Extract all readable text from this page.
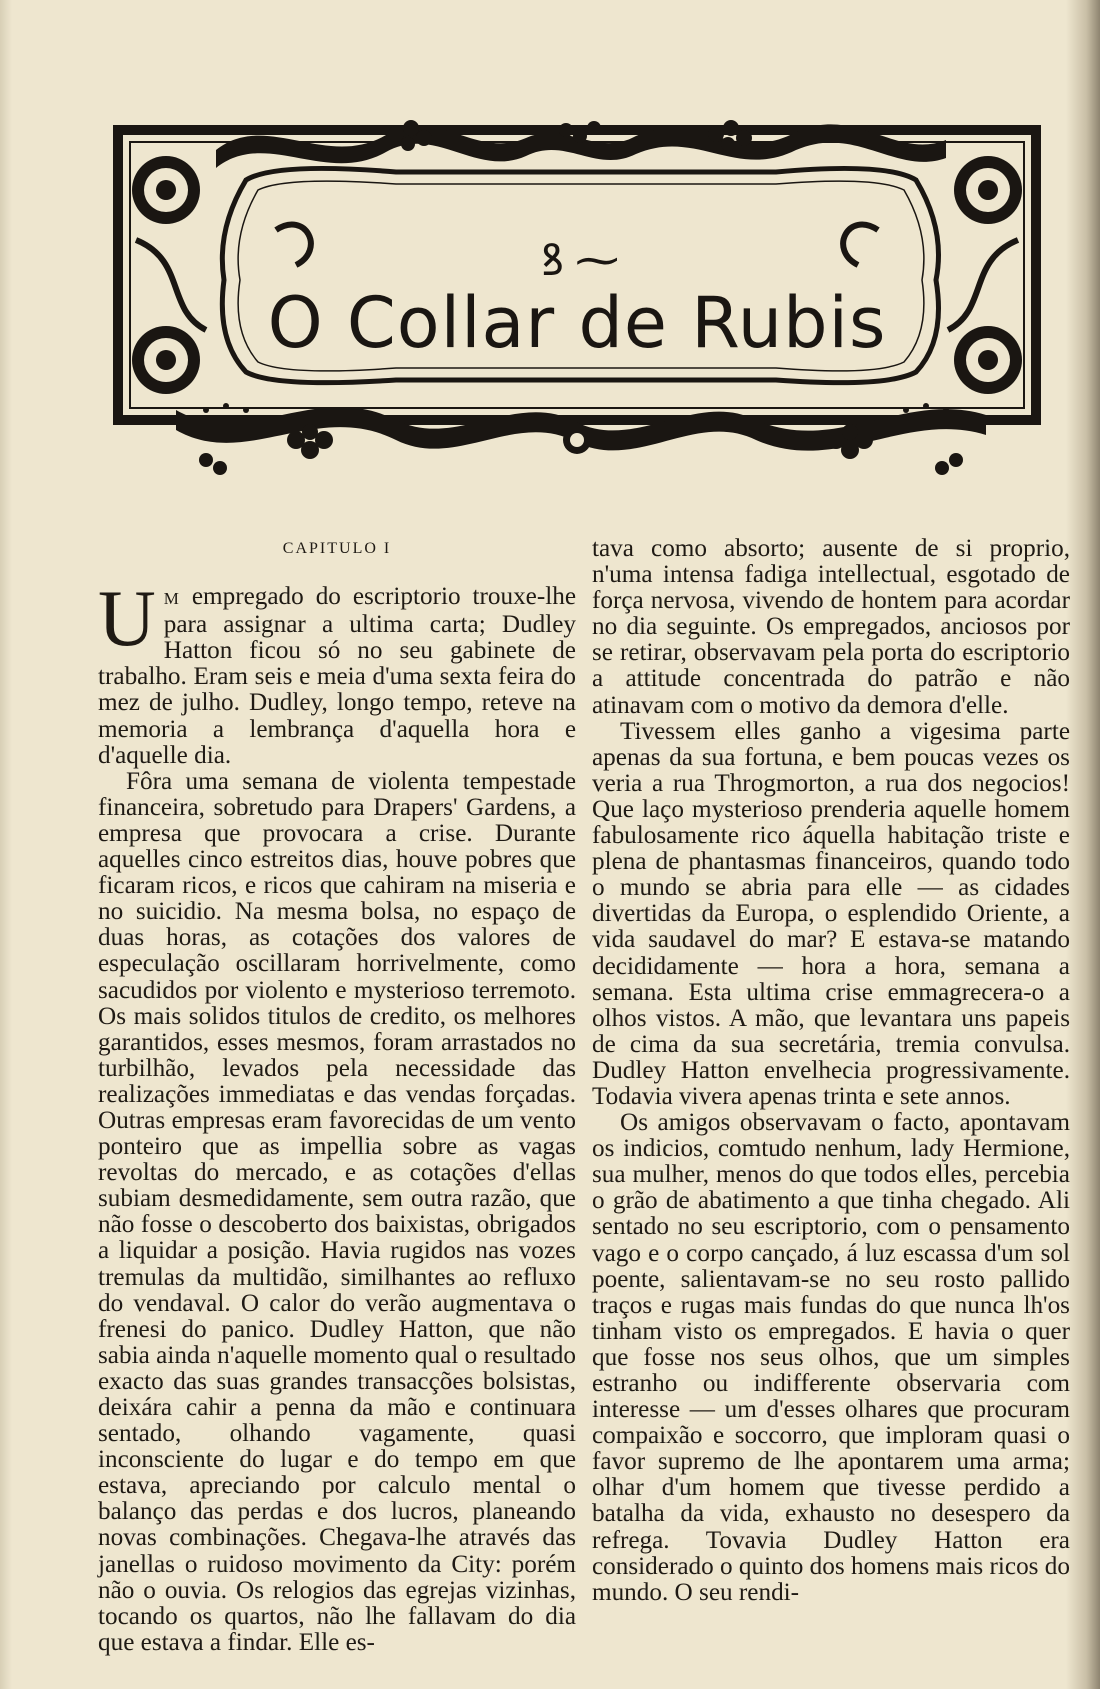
ꝸ ⁓
O Collar de Rubis
CAPITULO I

U M empregado do escriptorio trouxe-lhe para assignar a ultima carta; Dudley Hatton ficou só no seu gabinete de trabalho. Eram seis e meia d'uma sexta feira do mez de julho. Dudley, longo tempo, reteve na memoria a lembrança d'aquella hora e d'aquelle dia.

Fôra uma semana de violenta tempestade financeira, sobretudo para Drapers' Gardens, a empresa que provocara a crise. Durante aquelles cinco estreitos dias, houve pobres que ficaram ricos, e ricos que cahiram na miseria e no suicidio. Na mesma bolsa, no espaço de duas horas, as cotações dos valores de especulação oscillaram horrivelmente, como sacudidos por violento e mysterioso terremoto. Os mais solidos titulos de credito, os melhores garantidos, esses mesmos, foram arrastados no turbilhão, levados pela necessidade das realizações immediatas e das vendas forçadas. Outras empresas eram favorecidas de um vento ponteiro que as impellia sobre as vagas revoltas do mercado, e as cotações d'ellas subiam desmedidamente, sem outra razão, que não fosse o descoberto dos baixistas, obrigados a liquidar a posição. Havia rugidos nas vozes tremulas da multidão, similhantes ao refluxo do vendaval. O calor do verão augmentava o frenesi do panico. Dudley Hatton, que não sabia ainda n'aquelle momento qual o resultado exacto das suas grandes transacções bolsistas, deixára cahir a penna da mão e continuara sentado, olhando vagamente, quasi inconsciente do lugar e do tempo em que estava, apreciando por calculo mental o balanço das perdas e dos lucros, planeando novas combinações. Chegava-lhe através das janellas o ruidoso movimento da City: porém não o ouvia. Os relogios das egrejas vizinhas, tocando os quartos, não lhe fallavam do dia que estava a findar. Elle es-

tava como absorto; ausente de si proprio, n'uma intensa fadiga intellectual, esgotado de força nervosa, vivendo de hontem para acordar no dia seguinte. Os empregados, anciosos por se retirar, observavam pela porta do escriptorio a attitude concentrada do patrão e não atinavam com o motivo da demora d'elle.

Tivessem elles ganho a vigesima parte apenas da sua fortuna, e bem poucas vezes os veria a rua Throgmorton, a rua dos negocios! Que laço mysterioso prenderia aquelle homem fabulosamente rico áquella habitação triste e plena de phantasmas financeiros, quando todo o mundo se abria para elle — as cidades divertidas da Europa, o esplendido Oriente, a vida saudavel do mar? E estava-se matando decididamente — hora a hora, semana a semana. Esta ultima crise emmagrecera-o a olhos vistos. A mão, que levantara uns papeis de cima da sua secretária, tremia convulsa. Dudley Hatton envelhecia progressivamente. Todavia vivera apenas trinta e sete annos.

Os amigos observavam o facto, apontavam os indicios, comtudo nenhum, lady Hermione, sua mulher, menos do que todos elles, percebia o grão de abatimento a que tinha chegado. Ali sentado no seu escriptorio, com o pensamento vago e o corpo cançado, á luz escassa d'um sol poente, salientavam-se no seu rosto pallido traços e rugas mais fundas do que nunca lh'os tinham visto os empregados. E havia o quer que fosse nos seus olhos, que um simples estranho ou indifferente observaria com interesse — um d'esses olhares que procuram compaixão e soccorro, que imploram quasi o favor supremo de lhe apontarem uma arma; olhar d'um homem que tivesse perdido a batalha da vida, exhausto no desespero da refrega. Tovavia Dudley Hatton era considerado o quinto dos homens mais ricos do mundo. O seu rendi-
